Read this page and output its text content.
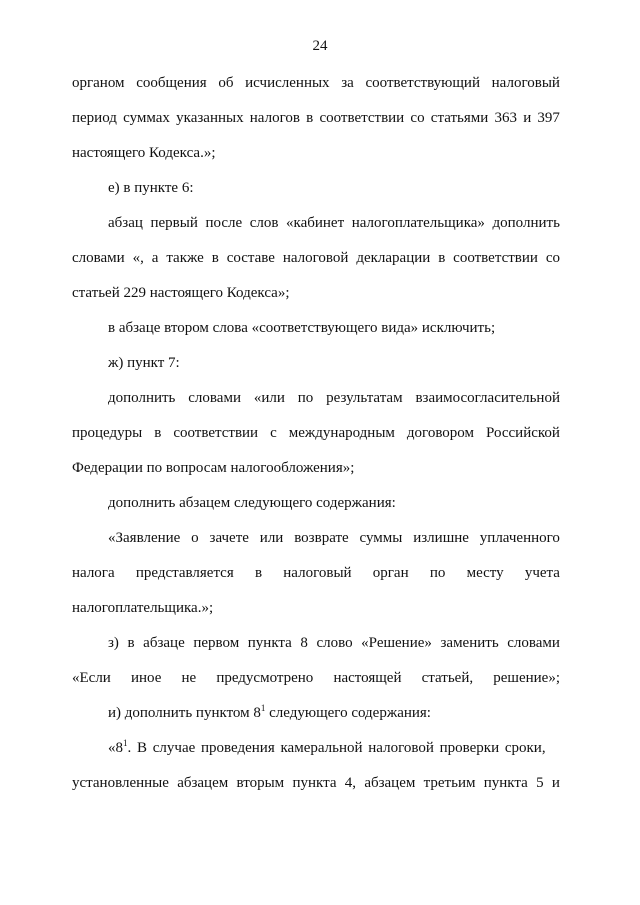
24
органом сообщения об исчисленных за соответствующий налоговый
период суммах указанных налогов в соответствии со статьями 363 и 397
настоящего Кодекса.»;
е) в пункте 6:
абзац первый после слов «кабинет налогоплательщика» дополнить
словами «, а также в составе налоговой декларации в соответствии со
статьей 229 настоящего Кодекса»;
в абзаце втором слова «соответствующего вида» исключить;
ж) пункт 7:
дополнить словами «или по результатам взаимосогласительной
процедуры в соответствии с международным договором Российской
Федерации по вопросам налогообложения»;
дополнить абзацем следующего содержания:
«Заявление о зачете или возврате суммы излишне уплаченного
налога представляется в налоговый орган по месту учета
налогоплательщика.»;
з) в абзаце первом пункта 8 слово «Решение» заменить словами
«Если иное не предусмотрено настоящей статьей, решение»;
и) дополнить пунктом $8^1$ следующего содержания:
«$8^1$. В случае проведения камеральной налоговой проверки сроки,
установленные абзацем вторым пункта 4, абзацем третьим пункта 5 и
